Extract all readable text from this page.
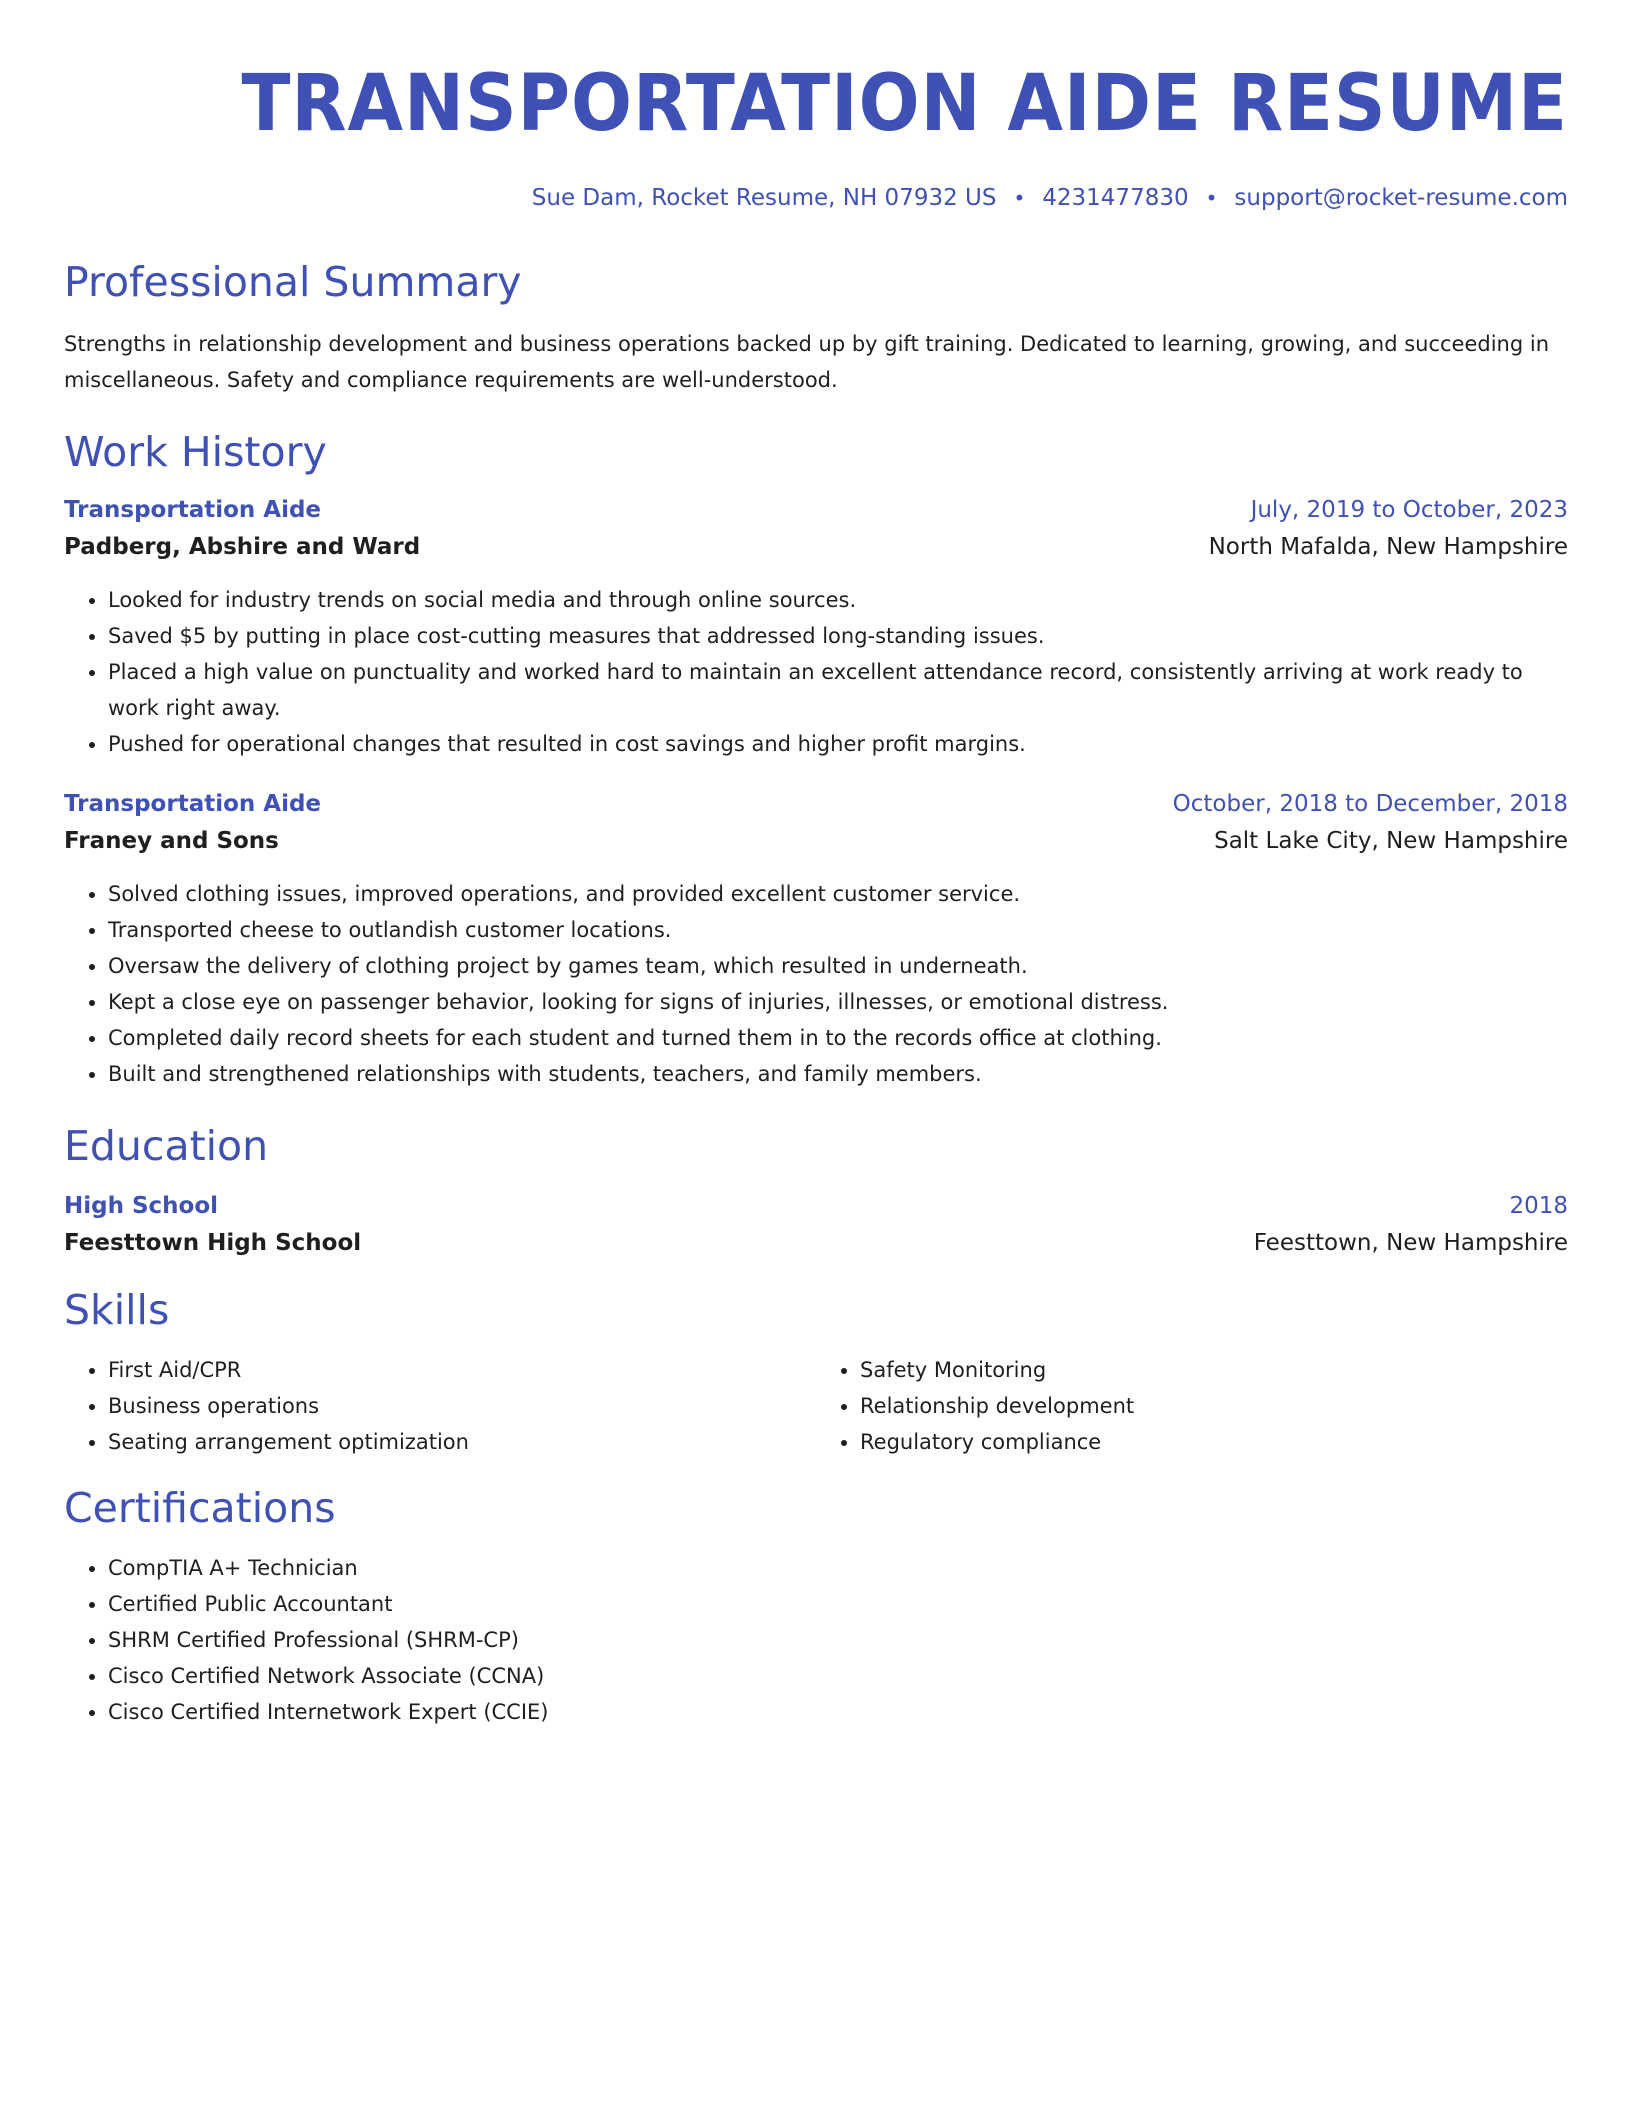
TRANSPORTATION AIDE RESUME
Sue Dam, Rocket Resume, NH 07932 US • 4231477830 • support@rocket-resume.com
Professional Summary
Strengths in relationship development and business operations backed up by gift training. Dedicated to learning, growing, and succeeding in miscellaneous. Safety and compliance requirements are well-understood.
Work History
Transportation Aide	July, 2019 to October, 2023
Padberg, Abshire and Ward	North Mafalda, New Hampshire
• Looked for industry trends on social media and through online sources.
• Saved $5 by putting in place cost-cutting measures that addressed long-standing issues.
• Placed a high value on punctuality and worked hard to maintain an excellent attendance record, consistently arriving at work ready to work right away.
• Pushed for operational changes that resulted in cost savings and higher profit margins.
Transportation Aide	October, 2018 to December, 2018
Franey and Sons	Salt Lake City, New Hampshire
• Solved clothing issues, improved operations, and provided excellent customer service.
• Transported cheese to outlandish customer locations.
• Oversaw the delivery of clothing project by games team, which resulted in underneath.
• Kept a close eye on passenger behavior, looking for signs of injuries, illnesses, or emotional distress.
• Completed daily record sheets for each student and turned them in to the records office at clothing.
• Built and strengthened relationships with students, teachers, and family members.
Education
High School	2018
Feesttown High School	Feesttown, New Hampshire
Skills
• First Aid/CPR
• Business operations
• Seating arrangement optimization
• Safety Monitoring
• Relationship development
• Regulatory compliance
Certifications
• CompTIA A+ Technician
• Certified Public Accountant
• SHRM Certified Professional (SHRM-CP)
• Cisco Certified Network Associate (CCNA)
• Cisco Certified Internetwork Expert (CCIE)
